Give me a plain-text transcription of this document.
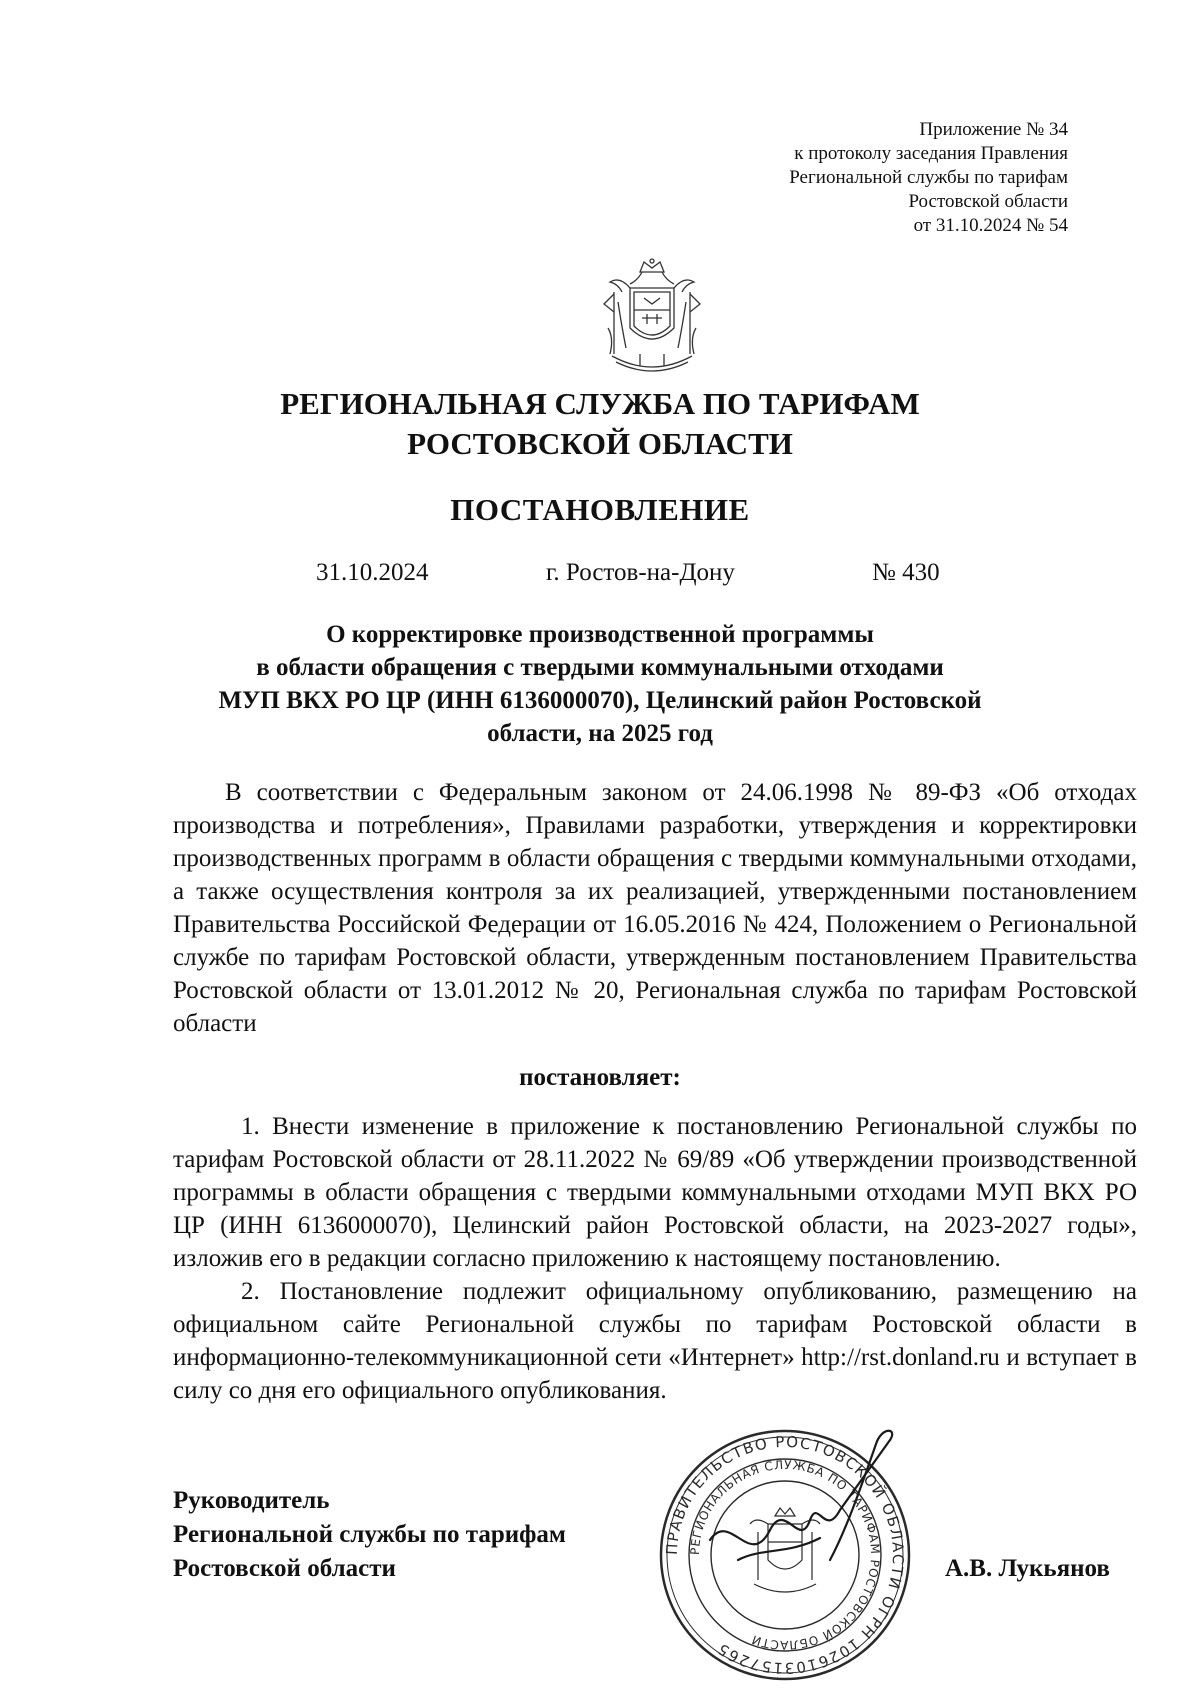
Приложение № 34
к протоколу заседания Правления
Региональной службы по тарифам
Ростовской области
от 31.10.2024 № 54
РЕГИОНАЛЬНАЯ СЛУЖБА ПО ТАРИФАМ
РОСТОВСКОЙ ОБЛАСТИ
ПОСТАНОВЛЕНИЕ
31.10.2024	г. Ростов-на-Дону	№ 430
О корректировке производственной программы
в области обращения с твердыми коммунальными отходами
МУП ВКХ РО ЦР (ИНН 6136000070), Целинский район Ростовской
области, на 2025 год
В соответствии с Федеральным законом от 24.06.1998 № 89-ФЗ «Об отходах производства и потребления», Правилами разработки, утверждения и корректировки производственных программ в области обращения с твердыми коммунальными отходами, а также осуществления контроля за их реализацией, утвержденными постановлением Правительства Российской Федерации от 16.05.2016 № 424, Положением о Региональной службе по тарифам Ростовской области, утвержденным постановлением Правительства Ростовской области от 13.01.2012 № 20, Региональная служба по тарифам Ростовской области
постановляет:

1. Внести изменение в приложение к постановлению Региональной службы по тарифам Ростовской области от 28.11.2022 № 69/89 «Об утверждении производственной программы в области обращения с твердыми коммунальными отходами МУП ВКХ РО ЦР (ИНН 6136000070), Целинский район Ростовской области, на 2023-2027 годы», изложив его в редакции согласно приложению к настоящему постановлению.

2. Постановление подлежит официальному опубликованию, размещению на официальном сайте Региональной службы по тарифам Ростовской области в информационно-телекоммуникационной сети «Интернет» http://rst.donland.ru и вступает в силу со дня его официального опубликования.

Руководитель
Региональной службы по тарифам
Ростовской области
ПРАВИТЕЛЬСТВО РОСТОВСКОЙ ОБЛАСТИ ОГРН 1026103157265
РЕГИОНАЛЬНАЯ СЛУЖБА ПО ТАРИФАМ РОСТОВСКОЙ ОБЛАСТИ
А.В. Лукьянов
